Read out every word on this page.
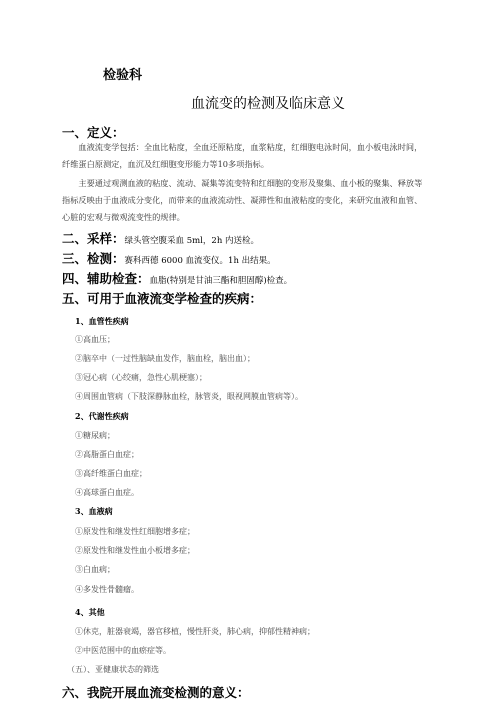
检验科
血流变的检测及临床意义
一、定义：
血液流变学包括：全血比粘度，全血还原粘度，血浆粘度，红细胞电泳时间，血小板电泳时间，纤维蛋白原测定，血沉及红细胞变形能力等10多项指标。
主要通过观测血液的粘度、流动、凝集等流变特和红细胞的变形及聚集、血小板的聚集、释放等指标反映由于血液成分变化，而带来的血液流动性、凝滞性和血液粘度的变化，来研究血液和血管、心脏的宏观与微观流变性的规律。
二、采样：绿头管空腹采血 5ml，2h 内送检。
三、检测：赛科西德 6000 血流变仪。1h 出结果。
四、辅助检查：血脂(特别是甘油三酯和胆固醇)检查。
五、可用于血液流变学检查的疾病：
1、血管性疾病
①高血压；
②脑卒中（一过性脑缺血发作，脑血栓，脑出血）；
③冠心病（心绞痛，急性心肌梗塞）；
④周围血管病（下肢深静脉血栓，脉管炎，眼视网膜血管病等）。
2、代谢性疾病
①糖尿病；
②高脂蛋白血症；
③高纤维蛋白血症；
④高球蛋白血症。
3、血液病
①原发性和继发性红细胞增多症；
②原发性和继发性血小板增多症；
③白血病；
④多发性骨髓瘤。
4、其他
①休克，脏器衰竭，器官移植，慢性肝炎，肺心病，抑郁性精神病；
②中医范围中的血瘀症等。
（五）、亚健康状态的筛选
六、我院开展血流变检测的意义：
